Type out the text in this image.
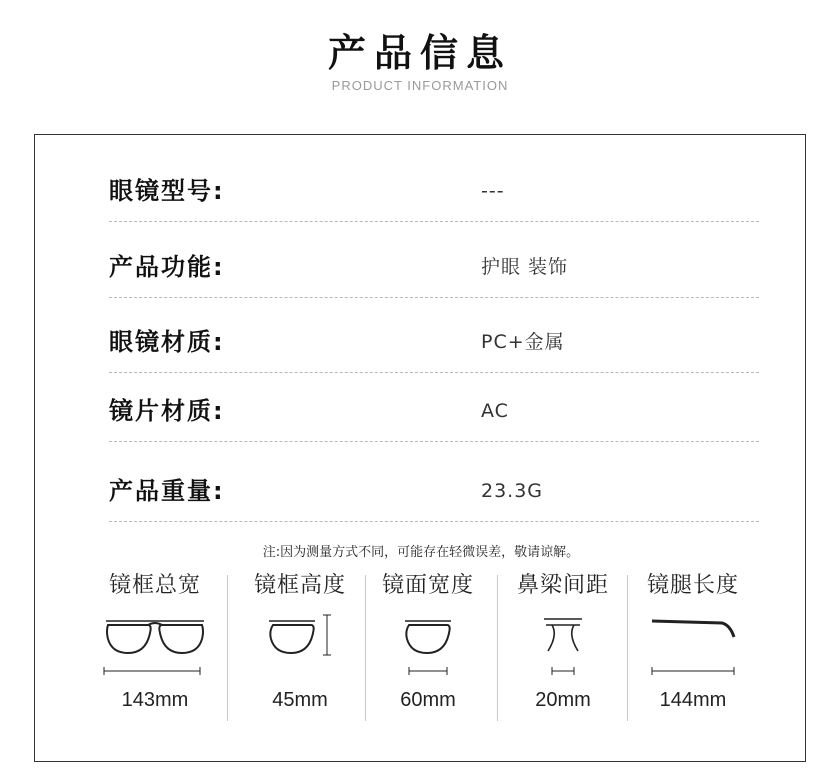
产品信息
PRODUCT INFORMATION
眼镜型号:	---
产品功能:	护眼 装饰
眼镜材质:	PC+金属
镜片材质:	AC
产品重量:	23.3G
注:因为测量方式不同，可能存在轻微误差，敬请谅解。
镜框总宽
143mm
镜框高度
45mm
镜面宽度
60mm
鼻梁间距
20mm
镜腿长度
144mm
